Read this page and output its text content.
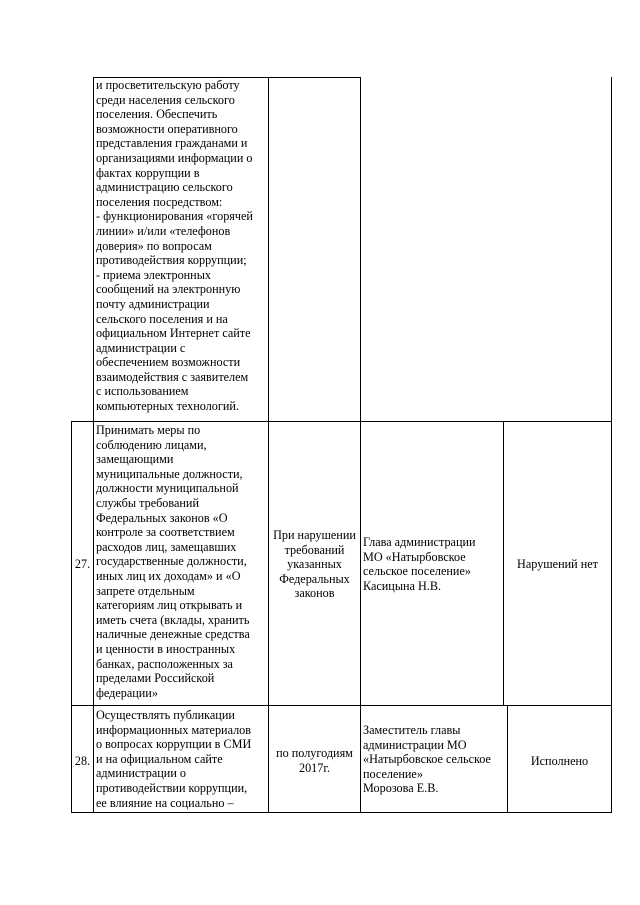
и просветительскую работу
среди населения сельского
поселения. Обеспечить
возможности оперативного
представления гражданами и
организациями информации о
фактах коррупции в
администрацию сельского
поселения посредством:
- функционирования «горячей
линии» и/или «телефонов
доверия» по вопросам
противодействия коррупции;
- приема электронных
сообщений на электронную
почту администрации
сельского поселения и на
официальном Интернет сайте
администрации с
обеспечением возможности
взаимодействия с заявителем
с использованием
компьютерных технологий.
27.
Принимать меры по
соблюдению лицами,
замещающими
муниципальные должности,
должности муниципальной
службы требований
Федеральных законов «О
контроле за соответствием
расходов лиц, замещавших
государственные должности,
иных лиц их доходам» и «О
запрете отдельным
категориям лиц открывать и
иметь счета (вклады, хранить
наличные денежные средства
и ценности в иностранных
банках, расположенных за
пределами Российской
федерации»
При нарушении
требований
указанных
Федеральных
законов
Глава администрации
МО «Натырбовское
сельское поселение»
Касицына Н.В.
Нарушений нет
28.
Осуществлять публикации
информационных материалов
о вопросах коррупции в СМИ
и на официальном сайте
администрации о
противодействии коррупции,
ее влияние на социально –
по полугодиям
2017г.
Заместитель главы
администрации МО
«Натырбовское сельское
поселение»
Морозова Е.В.
Исполнено
